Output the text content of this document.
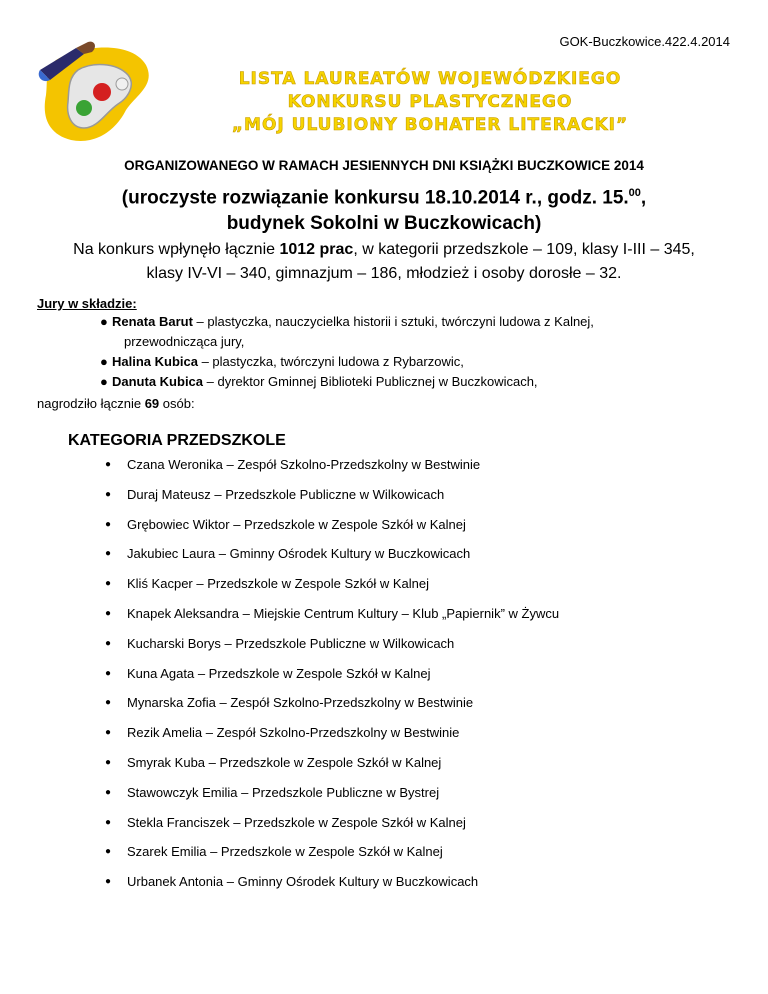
GOK-Buczkowice.422.4.2014
LISTA LAUREATÓW WOJEWÓDZKIEGO
KONKURSU PLASTYCZNEGO
„MÓJ ULUBIONY BOHATER LITERACKI”
ORGANIZOWANEGO W RAMACH JESIENNYCH DNI KSIĄŻKI BUCZKOWICE 2014
(uroczyste rozwiązanie konkursu 18.10.2014 r., godz. 15.00,
budynek Sokolni w Buczkowicach)
Na konkurs wpłynęło łącznie 1012 prac, w kategorii przedszkole – 109, klasy I-III – 345,
klasy IV-VI – 340, gimnazjum – 186, młodzież i osoby dorosłe – 32.
Jury w składzie:
● Renata Barut – plastyczka, nauczycielka historii i sztuki, twórczyni ludowa z Kalnej,
przewodnicząca jury,
● Halina Kubica – plastyczka, twórczyni ludowa z Rybarzowic,
● Danuta Kubica – dyrektor Gminnej Biblioteki Publicznej w Buczkowicach,
nagrodziło łącznie 69 osób:
KATEGORIA PRZEDSZKOLE
● Czana Weronika – Zespół Szkolno-Przedszkolny w Bestwinie
● Duraj Mateusz – Przedszkole Publiczne w Wilkowicach
● Grębowiec Wiktor – Przedszkole w Zespole Szkół w Kalnej
● Jakubiec Laura – Gminny Ośrodek Kultury w Buczkowicach
● Kliś Kacper – Przedszkole w Zespole Szkół w Kalnej
● Knapek Aleksandra – Miejskie Centrum Kultury – Klub „Papiernik” w Żywcu
● Kucharski Borys – Przedszkole Publiczne w Wilkowicach
● Kuna Agata – Przedszkole w Zespole Szkół w Kalnej
● Mynarska Zofia – Zespół Szkolno-Przedszkolny w Bestwinie
● Rezik Amelia – Zespół Szkolno-Przedszkolny w Bestwinie
● Smyrak Kuba – Przedszkole w Zespole Szkół w Kalnej
● Stawowczyk Emilia – Przedszkole Publiczne w Bystrej
● Stekla Franciszek – Przedszkole w Zespole Szkół w Kalnej
● Szarek Emilia – Przedszkole w Zespole Szkół w Kalnej
● Urbanek Antonia – Gminny Ośrodek Kultury w Buczkowicach
